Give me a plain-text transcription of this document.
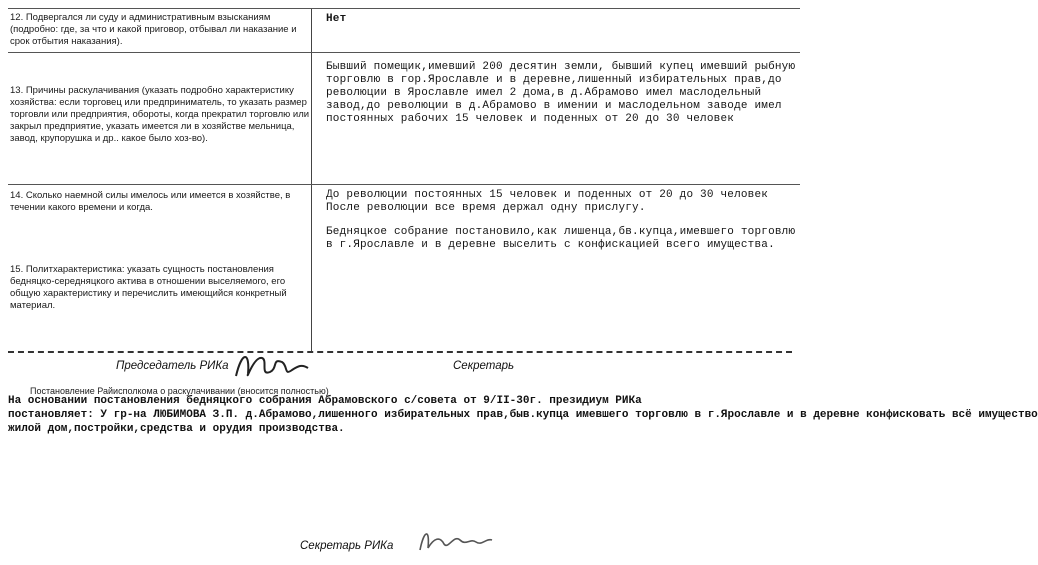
12. Подвергался ли суду и административным взысканиям (подробно: где, за что и какой приговор, отбывал ли наказание и срок отбытия наказания).
Нет
13. Причины раскулачивания (указать подробно характеристику хозяйства: если торговец или предприниматель, то указать размер торговли или предприятия, обороты, когда прекратил торговлю или закрыл предприятие, указать имеется ли в хозяйстве мельница, завод, крупорушка и др.. какое было хоз-во).
Бывший помещик,имевший 200 десятин земли, бывший купец имевший рыбную торговлю в гор.Ярославле и в деревне,лишенный избирательных прав,до революции в Ярославле имел 2 дома,в д.Абрамово имел маслодельный завод,до революции в д.Абрамово в имении и маслодельном заводе имел постоянных рабочих 15 человек и поденных от 20 до 30 человек
14. Сколько наемной силы имелось или имеется в хозяйстве, в течении какого времени и когда.
До революции постоянных 15 человек и поденных от 20 до 30 человек
После революции все время держал одну прислугу.
15. Политхарактеристика: указать сущность постановления бедняцко-середняцкого актива в отношении выселяемого, его общую характеристику и перечислить имеющийся конкретный материал.
Бедняцкое собрание постановило,как лишенца,бв.купца,имевшего торговлю в г.Ярославле и в деревне выселить с конфискацией всего имущества.
Председатель РИКа	Секретарь
Постановление Райисполкома о раскулачивании (вносится полностью)
На основании постановления бедняцкого собрания Абрамовского с/совета от 9/II-30г. президиум РИКа
постановляет: У гр-на ЛЮБИМОВА З.П. д.Абрамово,лишенного избирательных прав,быв.купца имевшего торговлю в г.Ярославле и в деревне конфисковать всё имущество
жилой дом,постройки,средства и орудия производства.
Секретарь РИКа
